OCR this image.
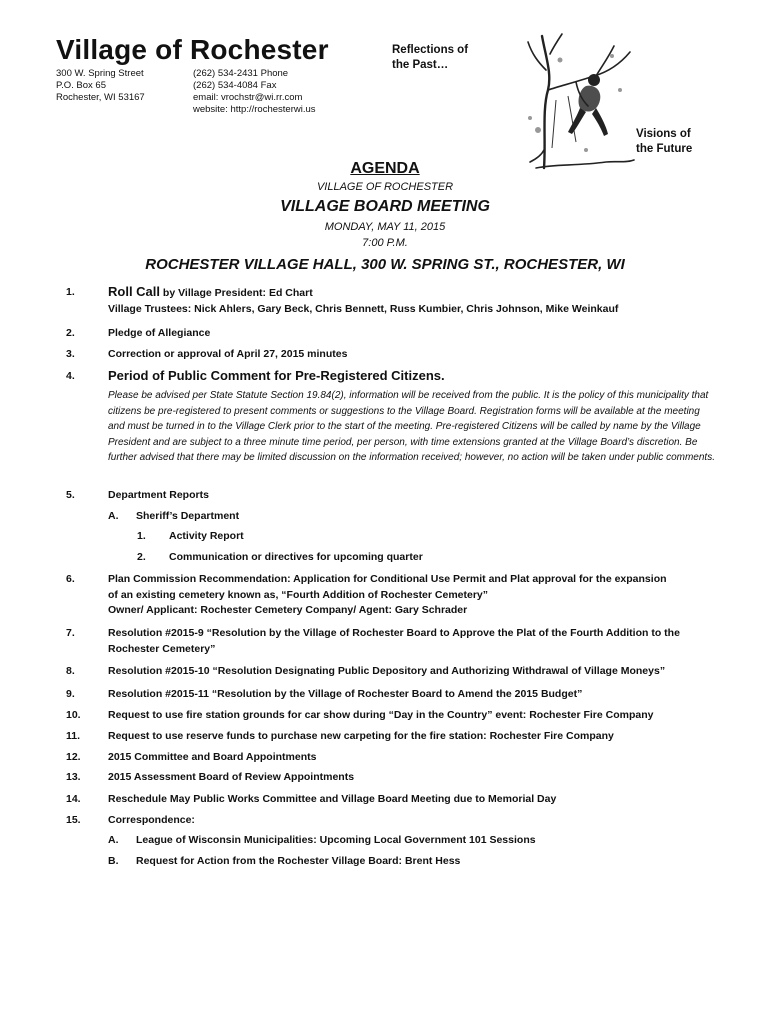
Village of Rochester
300 W. Spring Street
P.O. Box 65
Rochester, WI 53167
(262) 534-2431 Phone
(262) 534-4084 Fax
email: vrochstr@wi.rr.com
website: http://rochesterwi.us
Reflections of
the Past…
Visions of
the Future
AGENDA
VILLAGE OF ROCHESTER
VILLAGE BOARD MEETING
MONDAY, MAY 11, 2015
7:00 P.M.
ROCHESTER VILLAGE HALL, 300 W. SPRING ST., ROCHESTER, WI
1.	Roll Call by Village President: Ed Chart
Village Trustees: Nick Ahlers, Gary Beck, Chris Bennett, Russ Kumbier, Chris Johnson, Mike Weinkauf
2.	Pledge of Allegiance
3.	Correction or approval of April 27, 2015 minutes
4.	Period of Public Comment for Pre-Registered Citizens.
Please be advised per State Statute Section 19.84(2), information will be received from the public. It is the policy of this municipality that citizens be pre-registered to present comments or suggestions to the Village Board. Registration forms will be available at the meeting and must be turned in to the Village Clerk prior to the start of the meeting. Pre-registered Citizens will be called by name by the Village President and are subject to a three minute time period, per person, with time extensions granted at the Village Board’s discretion. Be further advised that there may be limited discussion on the information received; however, no action will be taken under public comments.
5.	Department Reports
A. Sheriff’s Department
1. Activity Report
2. Communication or directives for upcoming quarter
6.	Plan Commission Recommendation: Application for Conditional Use Permit and Plat approval for the expansion
of an existing cemetery known as, “Fourth Addition of Rochester Cemetery”
Owner/ Applicant: Rochester Cemetery Company/ Agent: Gary Schrader
7.	Resolution #2015-9 “Resolution by the Village of Rochester Board to Approve the Plat of the Fourth Addition to the
Rochester Cemetery”
8.	Resolution #2015-10 “Resolution Designating Public Depository and Authorizing Withdrawal of Village Moneys”
9.	Resolution #2015-11 “Resolution by the Village of Rochester Board to Amend the 2015 Budget”
10.	Request to use fire station grounds for car show during “Day in the Country” event: Rochester Fire Company
11.	Request to use reserve funds to purchase new carpeting for the fire station: Rochester Fire Company
12.	2015 Committee and Board Appointments
13.	2015 Assessment Board of Review Appointments
14.	Reschedule May Public Works Committee and Village Board Meeting due to Memorial Day
15.	Correspondence:
A. League of Wisconsin Municipalities: Upcoming Local Government 101 Sessions
B. Request for Action from the Rochester Village Board: Brent Hess
